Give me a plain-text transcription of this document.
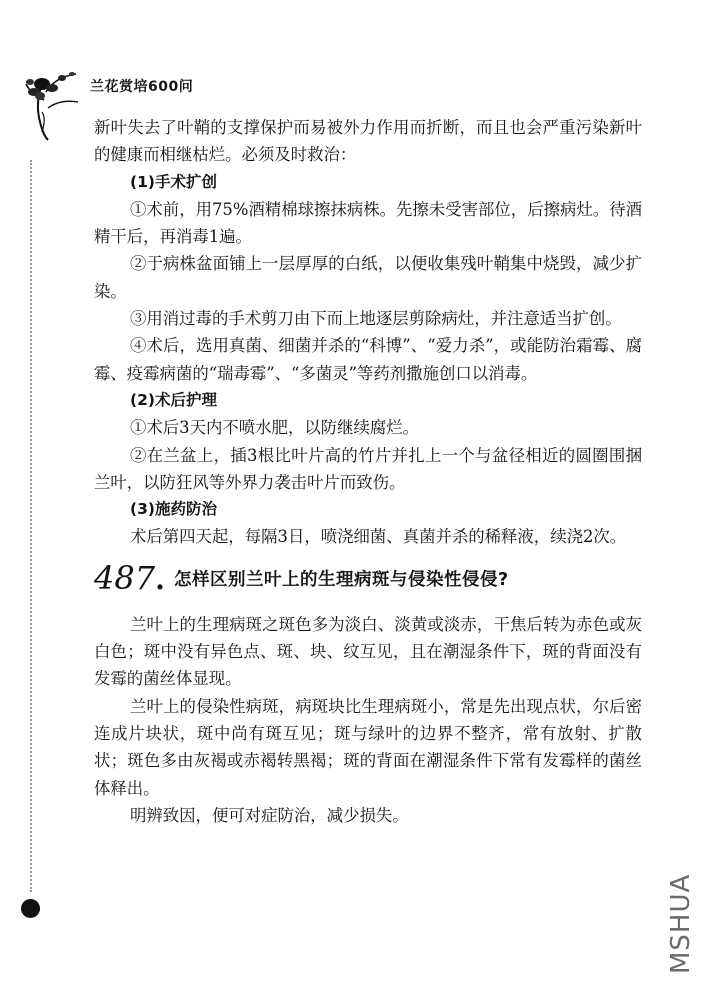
兰花赏培600问

新叶失去了叶鞘的支撑保护而易被外力作用而折断，而且也会严重污染新叶的健康而相继枯烂。必须及时救治：

(1)手术扩创

①术前，用75%酒精棉球擦抹病株。先擦未受害部位，后擦病灶。待酒精干后，再消毒1遍。

②于病株盆面铺上一层厚厚的白纸，以便收集残叶鞘集中烧毁，减少扩染。

③用消过毒的手术剪刀由下而上地逐层剪除病灶，并注意适当扩创。

④术后，选用真菌、细菌并杀的“科博”、“爱力杀”，或能防治霜霉、腐霉、疫霉病菌的“瑞毒霉”、“多菌灵”等药剂撒施创口以消毒。

(2)术后护理

①术后3天内不喷水肥，以防继续腐烂。

②在兰盆上，插3根比叶片高的竹片并扎上一个与盆径相近的圆圈围捆兰叶，以防狂风等外界力袭击叶片而致伤。

(3)施药防治

术后第四天起，每隔3日，喷浇细菌、真菌并杀的稀释液，续浇2次。

487. 怎样区别兰叶上的生理病斑与侵染性侵侵?

兰叶上的生理病斑之斑色多为淡白、淡黄或淡赤，干焦后转为赤色或灰白色；斑中没有异色点、斑、块、纹互见，且在潮湿条件下，斑的背面没有发霉的菌丝体显现。

兰叶上的侵染性病斑，病斑块比生理病斑小，常是先出现点状，尔后密连成片块状，斑中尚有斑互见；斑与绿叶的边界不整齐，常有放射、扩散状；斑色多由灰褐或赤褐转黑褐；斑的背面在潮湿条件下常有发霉样的菌丝体释出。

明辨致因，便可对症防治，减少损失。

MSHUA
